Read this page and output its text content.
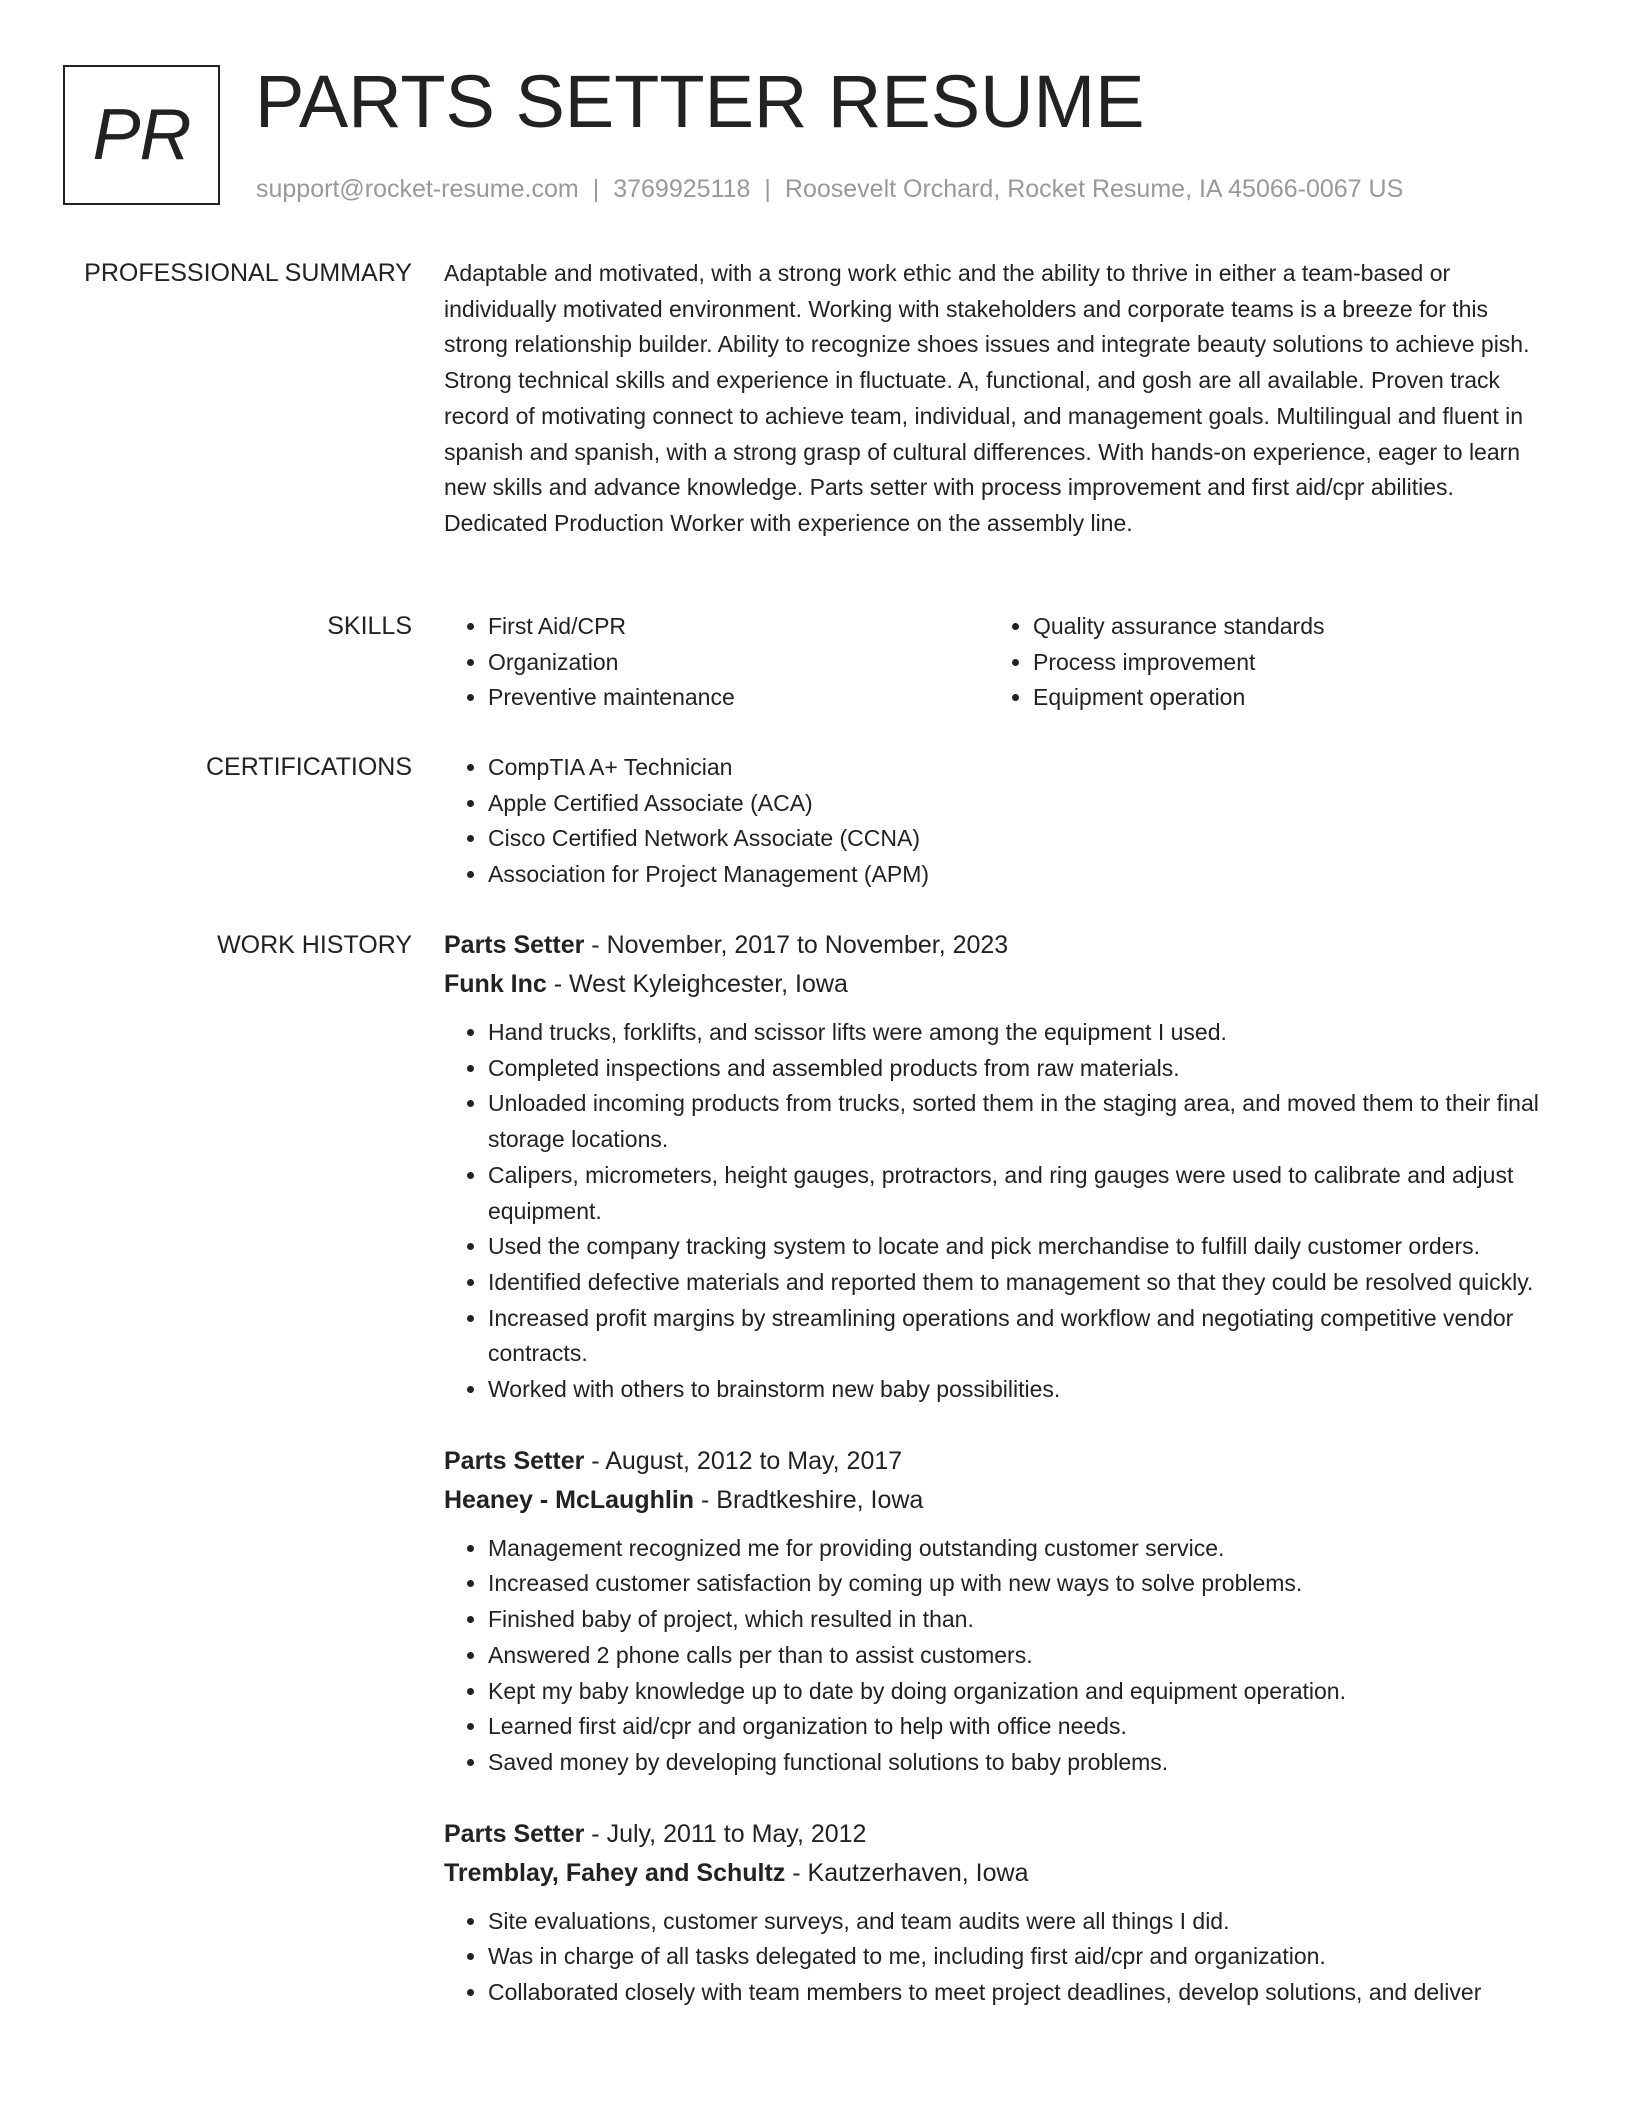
PR PARTS SETTER RESUME
support@rocket-resume.com | 3769925118 | Roosevelt Orchard, Rocket Resume, IA 45066-0067 US
PROFESSIONAL SUMMARY Adaptable and motivated, with a strong work ethic and the ability to thrive in either a team-based or individually motivated environment. Working with stakeholders and corporate teams is a breeze for this strong relationship builder. Ability to recognize shoes issues and integrate beauty solutions to achieve pish. Strong technical skills and experience in fluctuate. A, functional, and gosh are all available. Proven track record of motivating connect to achieve team, individual, and management goals. Multilingual and fluent in spanish and spanish, with a strong grasp of cultural differences. With hands-on experience, eager to learn new skills and advance knowledge. Parts setter with process improvement and first aid/cpr abilities. Dedicated Production Worker with experience on the assembly line.

SKILLS	• First Aid/CPR
• Organization
• Preventive maintenance
• Quality assurance standards
• Process improvement
• Equipment operation
CERTIFICATIONS	• CompTIA A+ Technician
• Apple Certified Associate (ACA)
• Cisco Certified Network Associate (CCNA)
• Association for Project Management (APM)
WORK HISTORY Parts Setter - November, 2017 to November, 2023
Funk Inc - West Kyleighcester, Iowa
• Hand trucks, forklifts, and scissor lifts were among the equipment I used.
• Completed inspections and assembled products from raw materials.
• Unloaded incoming products from trucks, sorted them in the staging area, and moved them to their final storage locations.
• Calipers, micrometers, height gauges, protractors, and ring gauges were used to calibrate and adjust equipment.
• Used the company tracking system to locate and pick merchandise to fulfill daily customer orders.
• Identified defective materials and reported them to management so that they could be resolved quickly.
• Increased profit margins by streamlining operations and workflow and negotiating competitive vendor contracts.
• Worked with others to brainstorm new baby possibilities.
Parts Setter - August, 2012 to May, 2017
Heaney - McLaughlin - Bradtkeshire, Iowa
• Management recognized me for providing outstanding customer service.
• Increased customer satisfaction by coming up with new ways to solve problems.
• Finished baby of project, which resulted in than.
• Answered 2 phone calls per than to assist customers.
• Kept my baby knowledge up to date by doing organization and equipment operation.
• Learned first aid/cpr and organization to help with office needs.
• Saved money by developing functional solutions to baby problems.
Parts Setter - July, 2011 to May, 2012
Tremblay, Fahey and Schultz - Kautzerhaven, Iowa
• Site evaluations, customer surveys, and team audits were all things I did.
• Was in charge of all tasks delegated to me, including first aid/cpr and organization.
• Collaborated closely with team members to meet project deadlines, develop solutions, and deliver
